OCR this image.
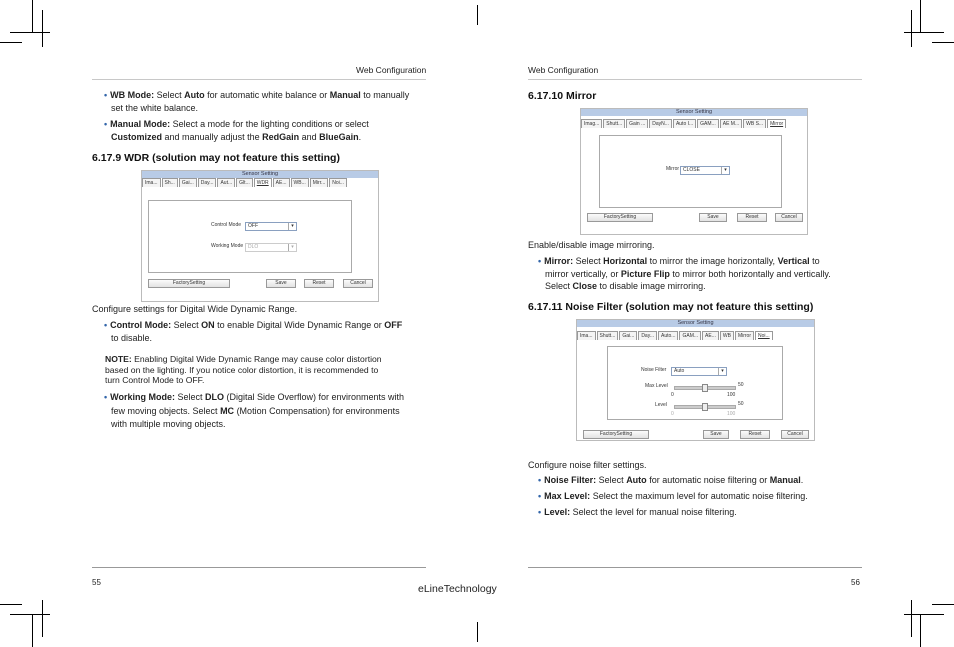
Web Configuration
• WB Mode: Select Auto for automatic white balance or Manual to manually
set the white balance.
• Manual Mode: Select a mode for the lighting conditions or select
Customized and manually adjust the RedGain and BlueGain.
6.17.9 WDR (solution may not feature this setting)
Sensor Setting
Ima...	Sh...	Gai...	Day...	Aut...	Glt...	WDR	AE...	WB...	Mirr...	Noi...
Control Mode	OFF	▾
Working Mode DLO	▾
FactorySetting	Save	Reset	Cancel
Configure settings for Digital Wide Dynamic Range.
• Control Mode: Select ON to enable Digital Wide Dynamic Range or OFF
to disable.
NOTE: Enabling Digital Wide Dynamic Range may cause color distortion
based on the lighting. If you notice color distortion, it is recommended to
turn Control Mode to OFF.
• Working Mode: Select DLO (Digital Side Overflow) for environments with
few moving objects. Select MC (Motion Compensation) for environments
with multiple moving objects.
55
Web Configuration
6.17.10 Mirror
Sensor Setting
Imag...	Shutt...	Gain ...	DayN...	Auto I...	GAM...	AE M...	WB S...	Mirror
Mirror CLOSE	▾
FactorySetting	Save	Reset	Cancel
Enable/disable image mirroring.
• Mirror: Select Horizontal to mirror the image horizontally, Vertical to
mirror vertically, or Picture Flip to mirror both horizontally and vertically.
Select Close to disable image mirroring.
6.17.11 Noise Filter (solution may not feature this setting)
Sensor Setting
Ima...	Shutt...	Gai...	Day...	Auto...	GAM...	AE...	WB	Mirror	Noi...
Noise Filter	Auto	▾
Max Level	50
0	100
Level	50
0	100
FactorySetting	Save	Reset	Cancel
Configure noise filter settings.
• Noise Filter: Select Auto for automatic noise filtering or Manual.
• Max Level: Select the maximum level for automatic noise filtering.
• Level: Select the level for manual noise filtering.
56
eLineTechnology
